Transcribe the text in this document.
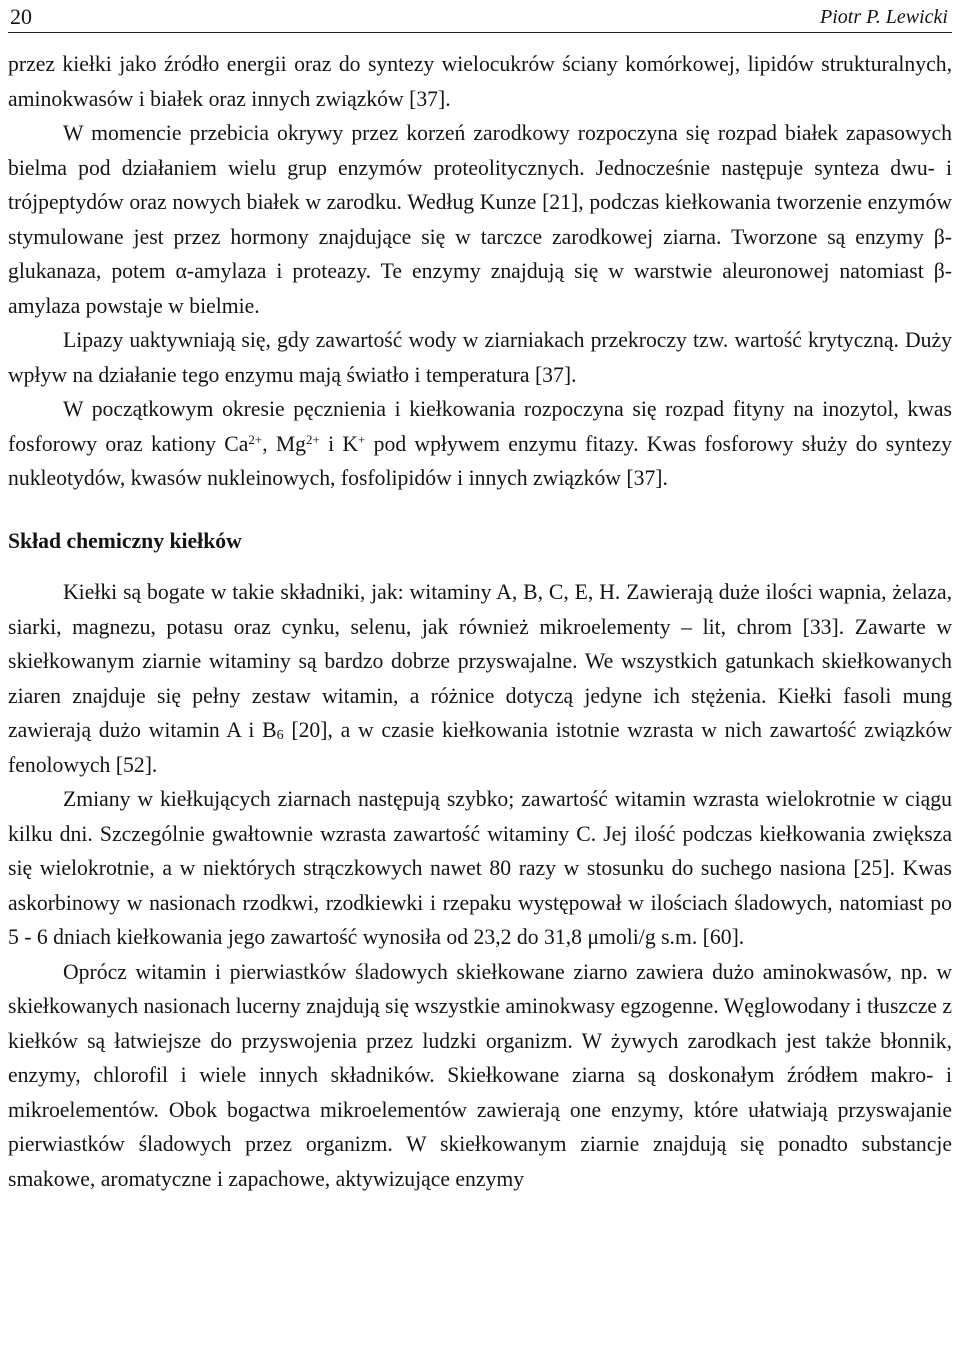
20	Piotr P. Lewicki

przez kiełki jako źródło energii oraz do syntezy wielocukrów ściany komórkowej, lipidów strukturalnych, aminokwasów i białek oraz innych związków [37].

W momencie przebicia okrywy przez korzeń zarodkowy rozpoczyna się rozpad białek zapasowych bielma pod działaniem wielu grup enzymów proteolitycznych. Jednocześnie następuje synteza dwu- i trójpeptydów oraz nowych białek w zarodku. Według Kunze [21], podczas kiełkowania tworzenie enzymów stymulowane jest przez hormony znajdujące się w tarczce zarodkowej ziarna. Tworzone są enzymy β-glukanaza, potem α-amylaza i proteazy. Te enzymy znajdują się w warstwie aleuronowej natomiast β-amylaza powstaje w bielmie.

Lipazy uaktywniają się, gdy zawartość wody w ziarniakach przekroczy tzw. wartość krytyczną. Duży wpływ na działanie tego enzymu mają światło i temperatura [37].

W początkowym okresie pęcznienia i kiełkowania rozpoczyna się rozpad fityny na inozytol, kwas fosforowy oraz kationy $Ca^{2+}$, $Mg^{2+}$ i K+ pod wpływem enzymu fitazy. Kwas fosforowy służy do syntezy nukleotydów, kwasów nukleinowych, fosfolipidów i innych związków [37].

Skład chemiczny kiełków

Kiełki są bogate w takie składniki, jak: witaminy A, B, C, E, H. Zawierają duże ilości wapnia, żelaza, siarki, magnezu, potasu oraz cynku, selenu, jak również mikroelementy – lit, chrom [33]. Zawarte w skiełkowanym ziarnie witaminy są bardzo dobrze przyswajalne. We wszystkich gatunkach skiełkowanych ziaren znajduje się pełny zestaw witamin, a różnice dotyczą jedyne ich stężenia. Kiełki fasoli mung zawierają dużo witamin A i $B_6$ [20], a w czasie kiełkowania istotnie wzrasta w nich zawartość związków fenolowych [52].

Zmiany w kiełkujących ziarnach następują szybko; zawartość witamin wzrasta wielokrotnie w ciągu kilku dni. Szczególnie gwałtownie wzrasta zawartość witaminy C. Jej ilość podczas kiełkowania zwiększa się wielokrotnie, a w niektórych strączkowych nawet 80 razy w stosunku do suchego nasiona [25]. Kwas askorbinowy w nasionach rzodkwi, rzodkiewki i rzepaku występował w ilościach śladowych, natomiast po 5 - 6 dniach kiełkowania jego zawartość wynosiła od 23,2 do 31,8 μmoli/g s.m. [60].

Oprócz witamin i pierwiastków śladowych skiełkowane ziarno zawiera dużo aminokwasów, np. w skiełkowanych nasionach lucerny znajdują się wszystkie aminokwasy egzogenne. Węglowodany i tłuszcze z kiełków są łatwiejsze do przyswojenia przez ludzki organizm. W żywych zarodkach jest także błonnik, enzymy, chlorofil i wiele innych składników. Skiełkowane ziarna są doskonałym źródłem makro- i mikroelementów. Obok bogactwa mikroelementów zawierają one enzymy, które ułatwiają przyswajanie pierwiastków śladowych przez organizm. W skiełkowanym ziarnie znajdują się ponadto substancje smakowe, aromatyczne i zapachowe, aktywizujące enzymy
